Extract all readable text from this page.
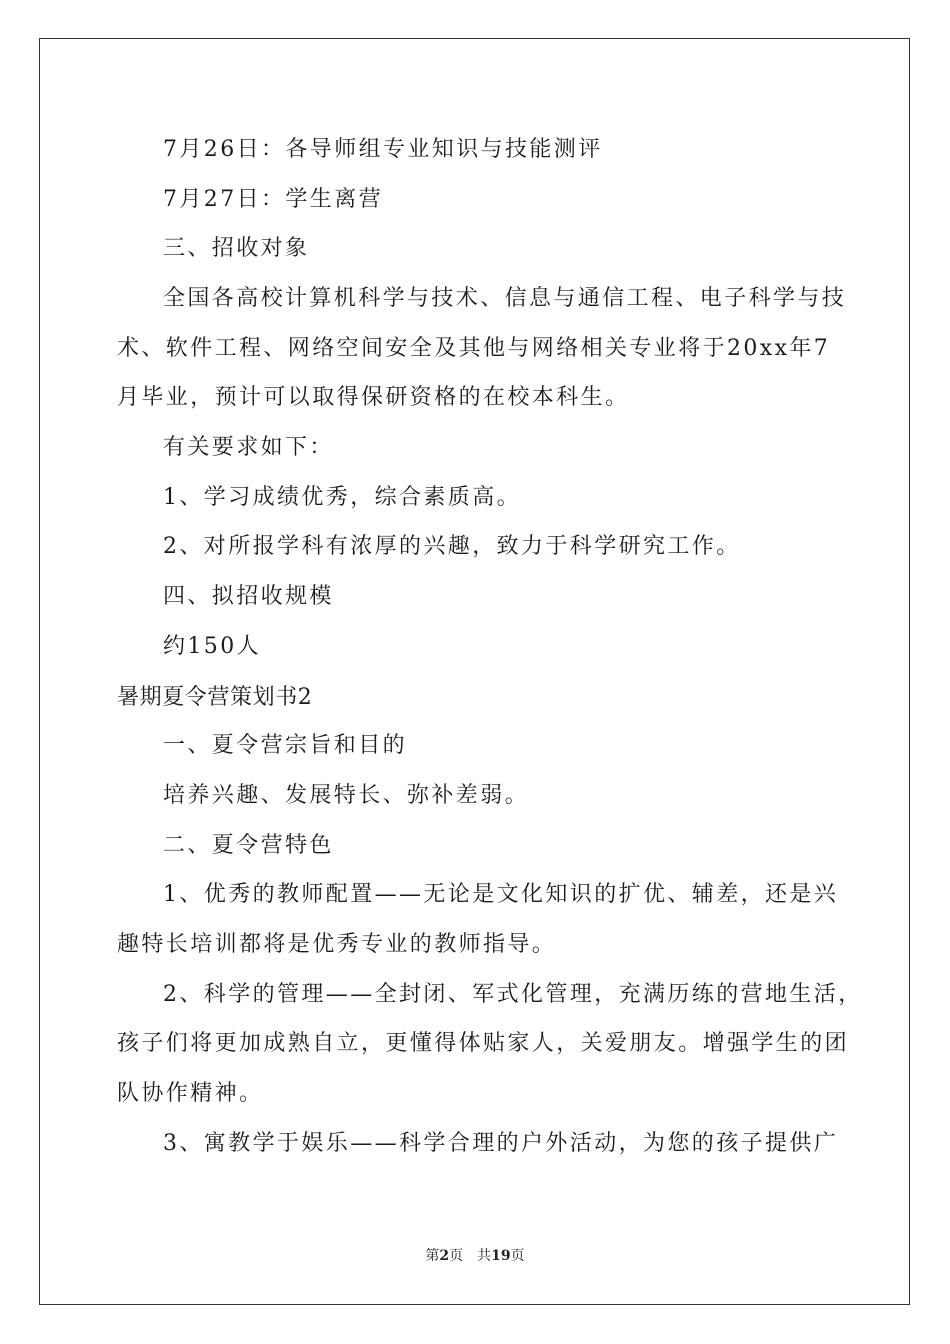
7月26日：各导师组专业知识与技能测评
7月27日：学生离营
三、招收对象
全国各高校计算机科学与技术、信息与通信工程、电子科学与技
术、软件工程、网络空间安全及其他与网络相关专业将于20xx年7
月毕业，预计可以取得保研资格的在校本科生。
有关要求如下：
1、学习成绩优秀，综合素质高。
2、对所报学科有浓厚的兴趣，致力于科学研究工作。
四、拟招收规模
约150人
暑期夏令营策划书2
一、夏令营宗旨和目的
培养兴趣、发展特长、弥补差弱。
二、夏令营特色
1、优秀的教师配置——无论是文化知识的扩优、辅差，还是兴
趣特长培训都将是优秀专业的教师指导。
2、科学的管理——全封闭、军式化管理，充满历练的营地生活，
孩子们将更加成熟自立，更懂得体贴家人，关爱朋友。增强学生的团
队协作精神。
3、寓教学于娱乐——科学合理的户外活动，为您的孩子提供广
第2页　共19页
